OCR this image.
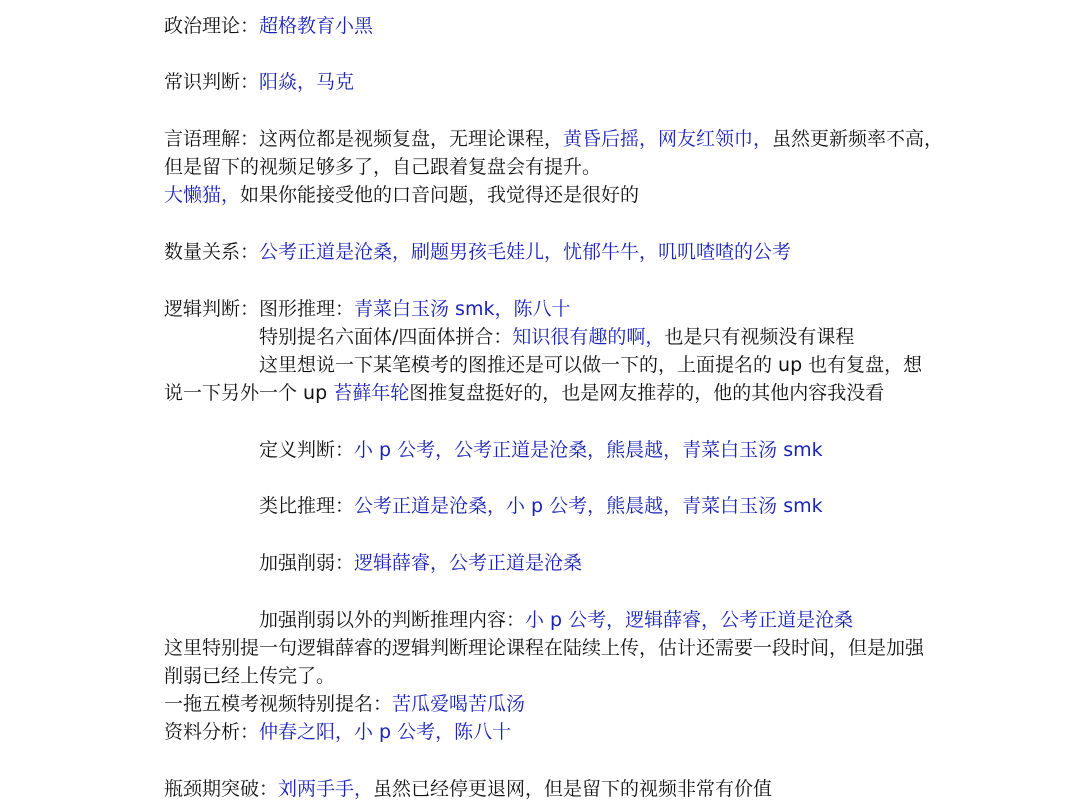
政治理论：超格教育小黑
常识判断：阳焱，马克
言语理解：这两位都是视频复盘，无理论课程，黄昏后摇，网友红领巾，虽然更新频率不高，
但是留下的视频足够多了，自己跟着复盘会有提升。
大懒猫，如果你能接受他的口音问题，我觉得还是很好的
数量关系：公考正道是沧桑，刷题男孩毛娃儿，忧郁牛牛，叽叽喳喳的公考
逻辑判断：图形推理：青菜白玉汤 smk，陈八十
特别提名六面体/四面体拼合：知识很有趣的啊，也是只有视频没有课程
这里想说一下某笔模考的图推还是可以做一下的，上面提名的 up 也有复盘，想
说一下另外一个 up 苔藓年轮图推复盘挺好的，也是网友推荐的，他的其他内容我没看
定义判断：小 p 公考，公考正道是沧桑，熊晨越，青菜白玉汤 smk
类比推理：公考正道是沧桑，小 p 公考，熊晨越，青菜白玉汤 smk
加强削弱：逻辑薛睿，公考正道是沧桑
加强削弱以外的判断推理内容：小 p 公考，逻辑薛睿，公考正道是沧桑
这里特别提一句逻辑薛睿的逻辑判断理论课程在陆续上传，估计还需要一段时间，但是加强
削弱已经上传完了。
一拖五模考视频特别提名：苦瓜爱喝苦瓜汤
资料分析：仲春之阳，小 p 公考，陈八十
瓶颈期突破：刘两手手，虽然已经停更退网，但是留下的视频非常有价值
